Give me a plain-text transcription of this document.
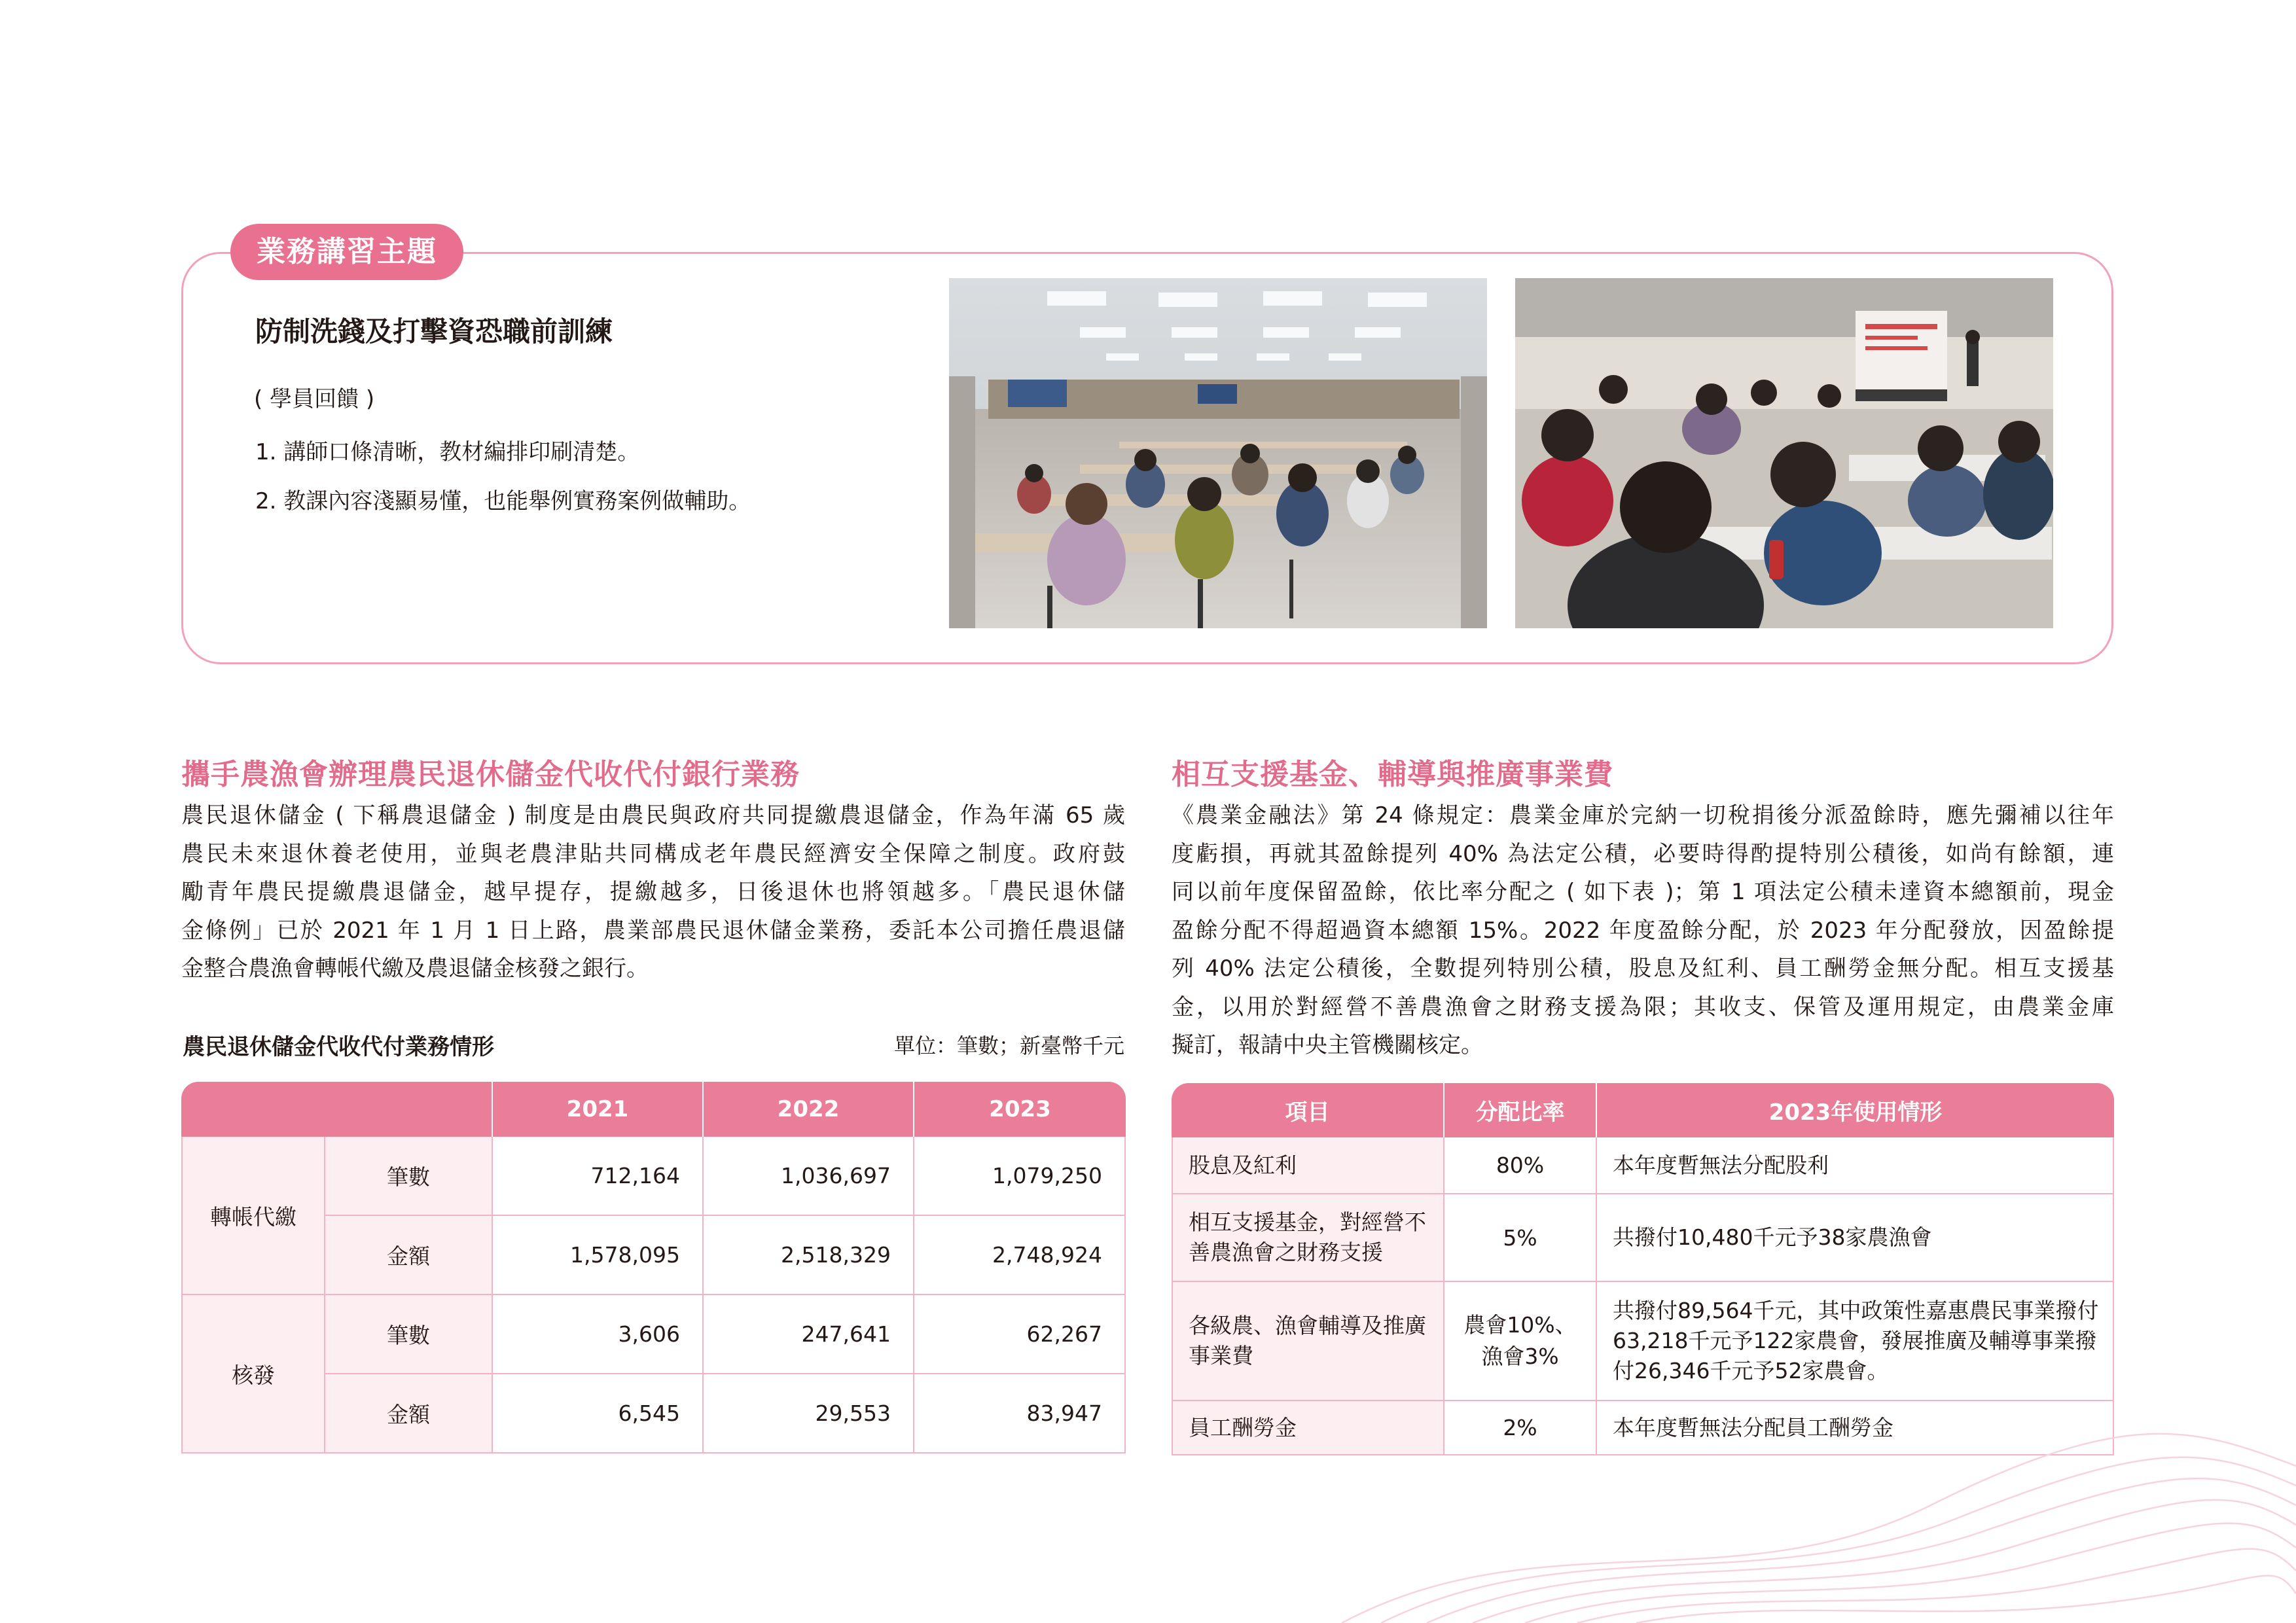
業務講習主題
防制洗錢及打擊資恐職前訓練
( 學員回饋 )
1. 講師口條清晰，教材編排印刷清楚。
2. 教課內容淺顯易懂，也能舉例實務案例做輔助。
攜手農漁會辦理農民退休儲金代收代付銀行業務

農民退休儲金 ( 下稱農退儲金 ) 制度是由農民與政府共同提繳農退儲金，作為年滿 65 歲

農民未來退休養老使用，並與老農津貼共同構成老年農民經濟安全保障之制度。政府鼓

勵青年農民提繳農退儲金，越早提存，提繳越多，日後退休也將領越多。「農民退休儲

金條例」已於 2021 年 1 月 1 日上路，農業部農民退休儲金業務，委託本公司擔任農退儲

金整合農漁會轉帳代繳及農退儲金核發之銀行。

農民退休儲金代收代付業務情形	單位：筆數；新臺幣千元
		2021	2022	2023
轉帳代繳	筆數	712,164	1,036,697	1,079,250
	金額	1,578,095	2,518,329	2,748,924
核發	筆數	3,606	247,641	62,267
	金額	6,545	29,553	83,947
相互支援基金、輔導與推廣事業費

《農業金融法》第 24 條規定：農業金庫於完納一切稅捐後分派盈餘時，應先彌補以往年

度虧損，再就其盈餘提列 40% 為法定公積，必要時得酌提特別公積後，如尚有餘額，連

同以前年度保留盈餘，依比率分配之 ( 如下表 )；第 1 項法定公積未達資本總額前，現金

盈餘分配不得超過資本總額 15%。2022 年度盈餘分配，於 2023 年分配發放，因盈餘提

列 40% 法定公積後，全數提列特別公積，股息及紅利、員工酬勞金無分配。相互支援基

金，以用於對經營不善農漁會之財務支援為限；其收支、保管及運用規定，由農業金庫

擬訂，報請中央主管機關核定。

項目	分配比率	2023年使用情形
股息及紅利	80%	本年度暫無法分配股利
相互支援基金，對經營不善農漁會之財務支援	5%	共撥付10,480千元予38家農漁會
各級農、漁會輔導及推廣事業費	農會10%、漁會3%	共撥付89,564千元，其中政策性嘉惠農民事業撥付63,218千元予122家農會，發展推廣及輔導事業撥付26,346千元予52家農會。
員工酬勞金	2%	本年度暫無法分配員工酬勞金
